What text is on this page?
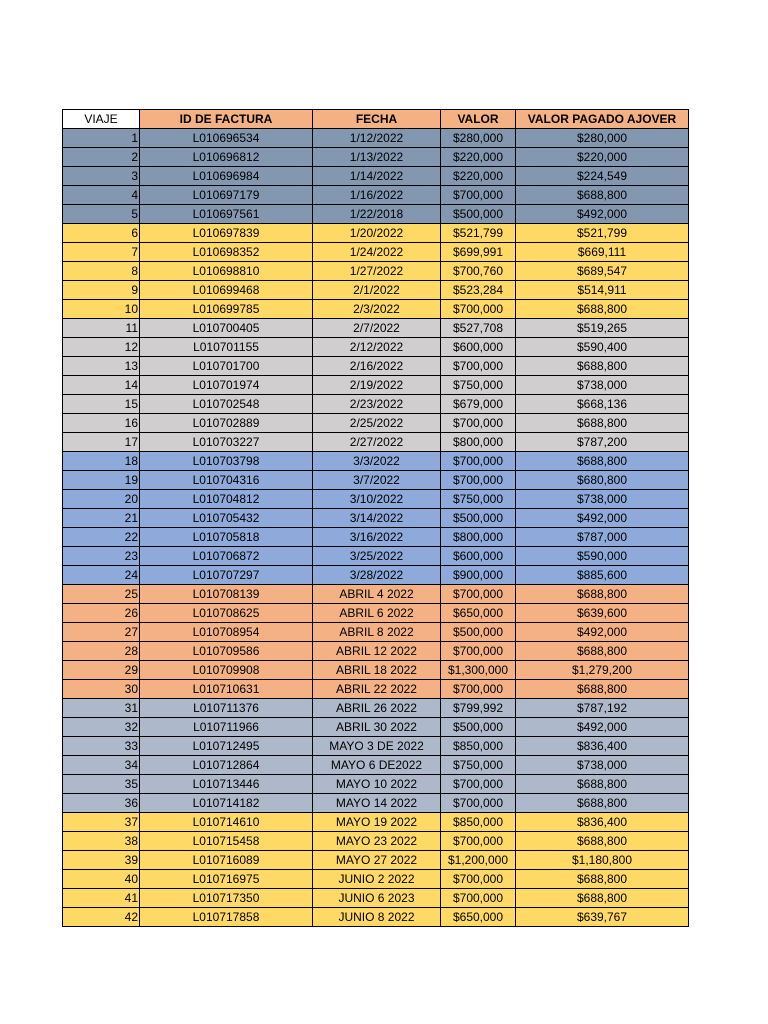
VIAJE	ID DE FACTURA	FECHA	VALOR	VALOR PAGADO AJOVER
1	L010696534	1/12/2022	$280,000	$280,000
2	L010696812	1/13/2022	$220,000	$220,000
3	L010696984	1/14/2022	$220,000	$224,549
4	L010697179	1/16/2022	$700,000	$688,800
5	L010697561	1/22/2018	$500,000	$492,000
6	L010697839	1/20/2022	$521,799	$521,799
7	L010698352	1/24/2022	$699,991	$669,111
8	L010698810	1/27/2022	$700,760	$689,547
9	L010699468	2/1/2022	$523,284	$514,911
10	L010699785	2/3/2022	$700,000	$688,800
11	L010700405	2/7/2022	$527,708	$519,265
12	L010701155	2/12/2022	$600,000	$590,400
13	L010701700	2/16/2022	$700,000	$688,800
14	L010701974	2/19/2022	$750,000	$738,000
15	L010702548	2/23/2022	$679,000	$668,136
16	L010702889	2/25/2022	$700,000	$688,800
17	L010703227	2/27/2022	$800,000	$787,200
18	L010703798	3/3/2022	$700,000	$688,800
19	L010704316	3/7/2022	$700,000	$680,800
20	L010704812	3/10/2022	$750,000	$738,000
21	L010705432	3/14/2022	$500,000	$492,000
22	L010705818	3/16/2022	$800,000	$787,000
23	L010706872	3/25/2022	$600,000	$590,000
24	L010707297	3/28/2022	$900,000	$885,600
25	L010708139	ABRIL 4 2022	$700,000	$688,800
26	L010708625	ABRIL 6 2022	$650,000	$639,600
27	L010708954	ABRIL 8 2022	$500,000	$492,000
28	L010709586	ABRIL 12 2022	$700,000	$688,800
29	L010709908	ABRIL 18 2022	$1,300,000	$1,279,200
30	L010710631	ABRIL 22 2022	$700,000	$688,800
31	L010711376	ABRIL 26 2022	$799,992	$787,192
32	L010711966	ABRIL 30 2022	$500,000	$492,000
33	L010712495	MAYO 3 DE 2022	$850,000	$836,400
34	L010712864	MAYO 6 DE2022	$750,000	$738,000
35	L010713446	MAYO 10 2022	$700,000	$688,800
36	L010714182	MAYO 14 2022	$700,000	$688,800
37	L010714610	MAYO 19 2022	$850,000	$836,400
38	L010715458	MAYO 23 2022	$700,000	$688,800
39	L010716089	MAYO 27 2022	$1,200,000	$1,180,800
40	L010716975	JUNIO 2 2022	$700,000	$688,800
41	L010717350	JUNIO 6 2023	$700,000	$688,800
42	L010717858	JUNIO 8 2022	$650,000	$639,767
